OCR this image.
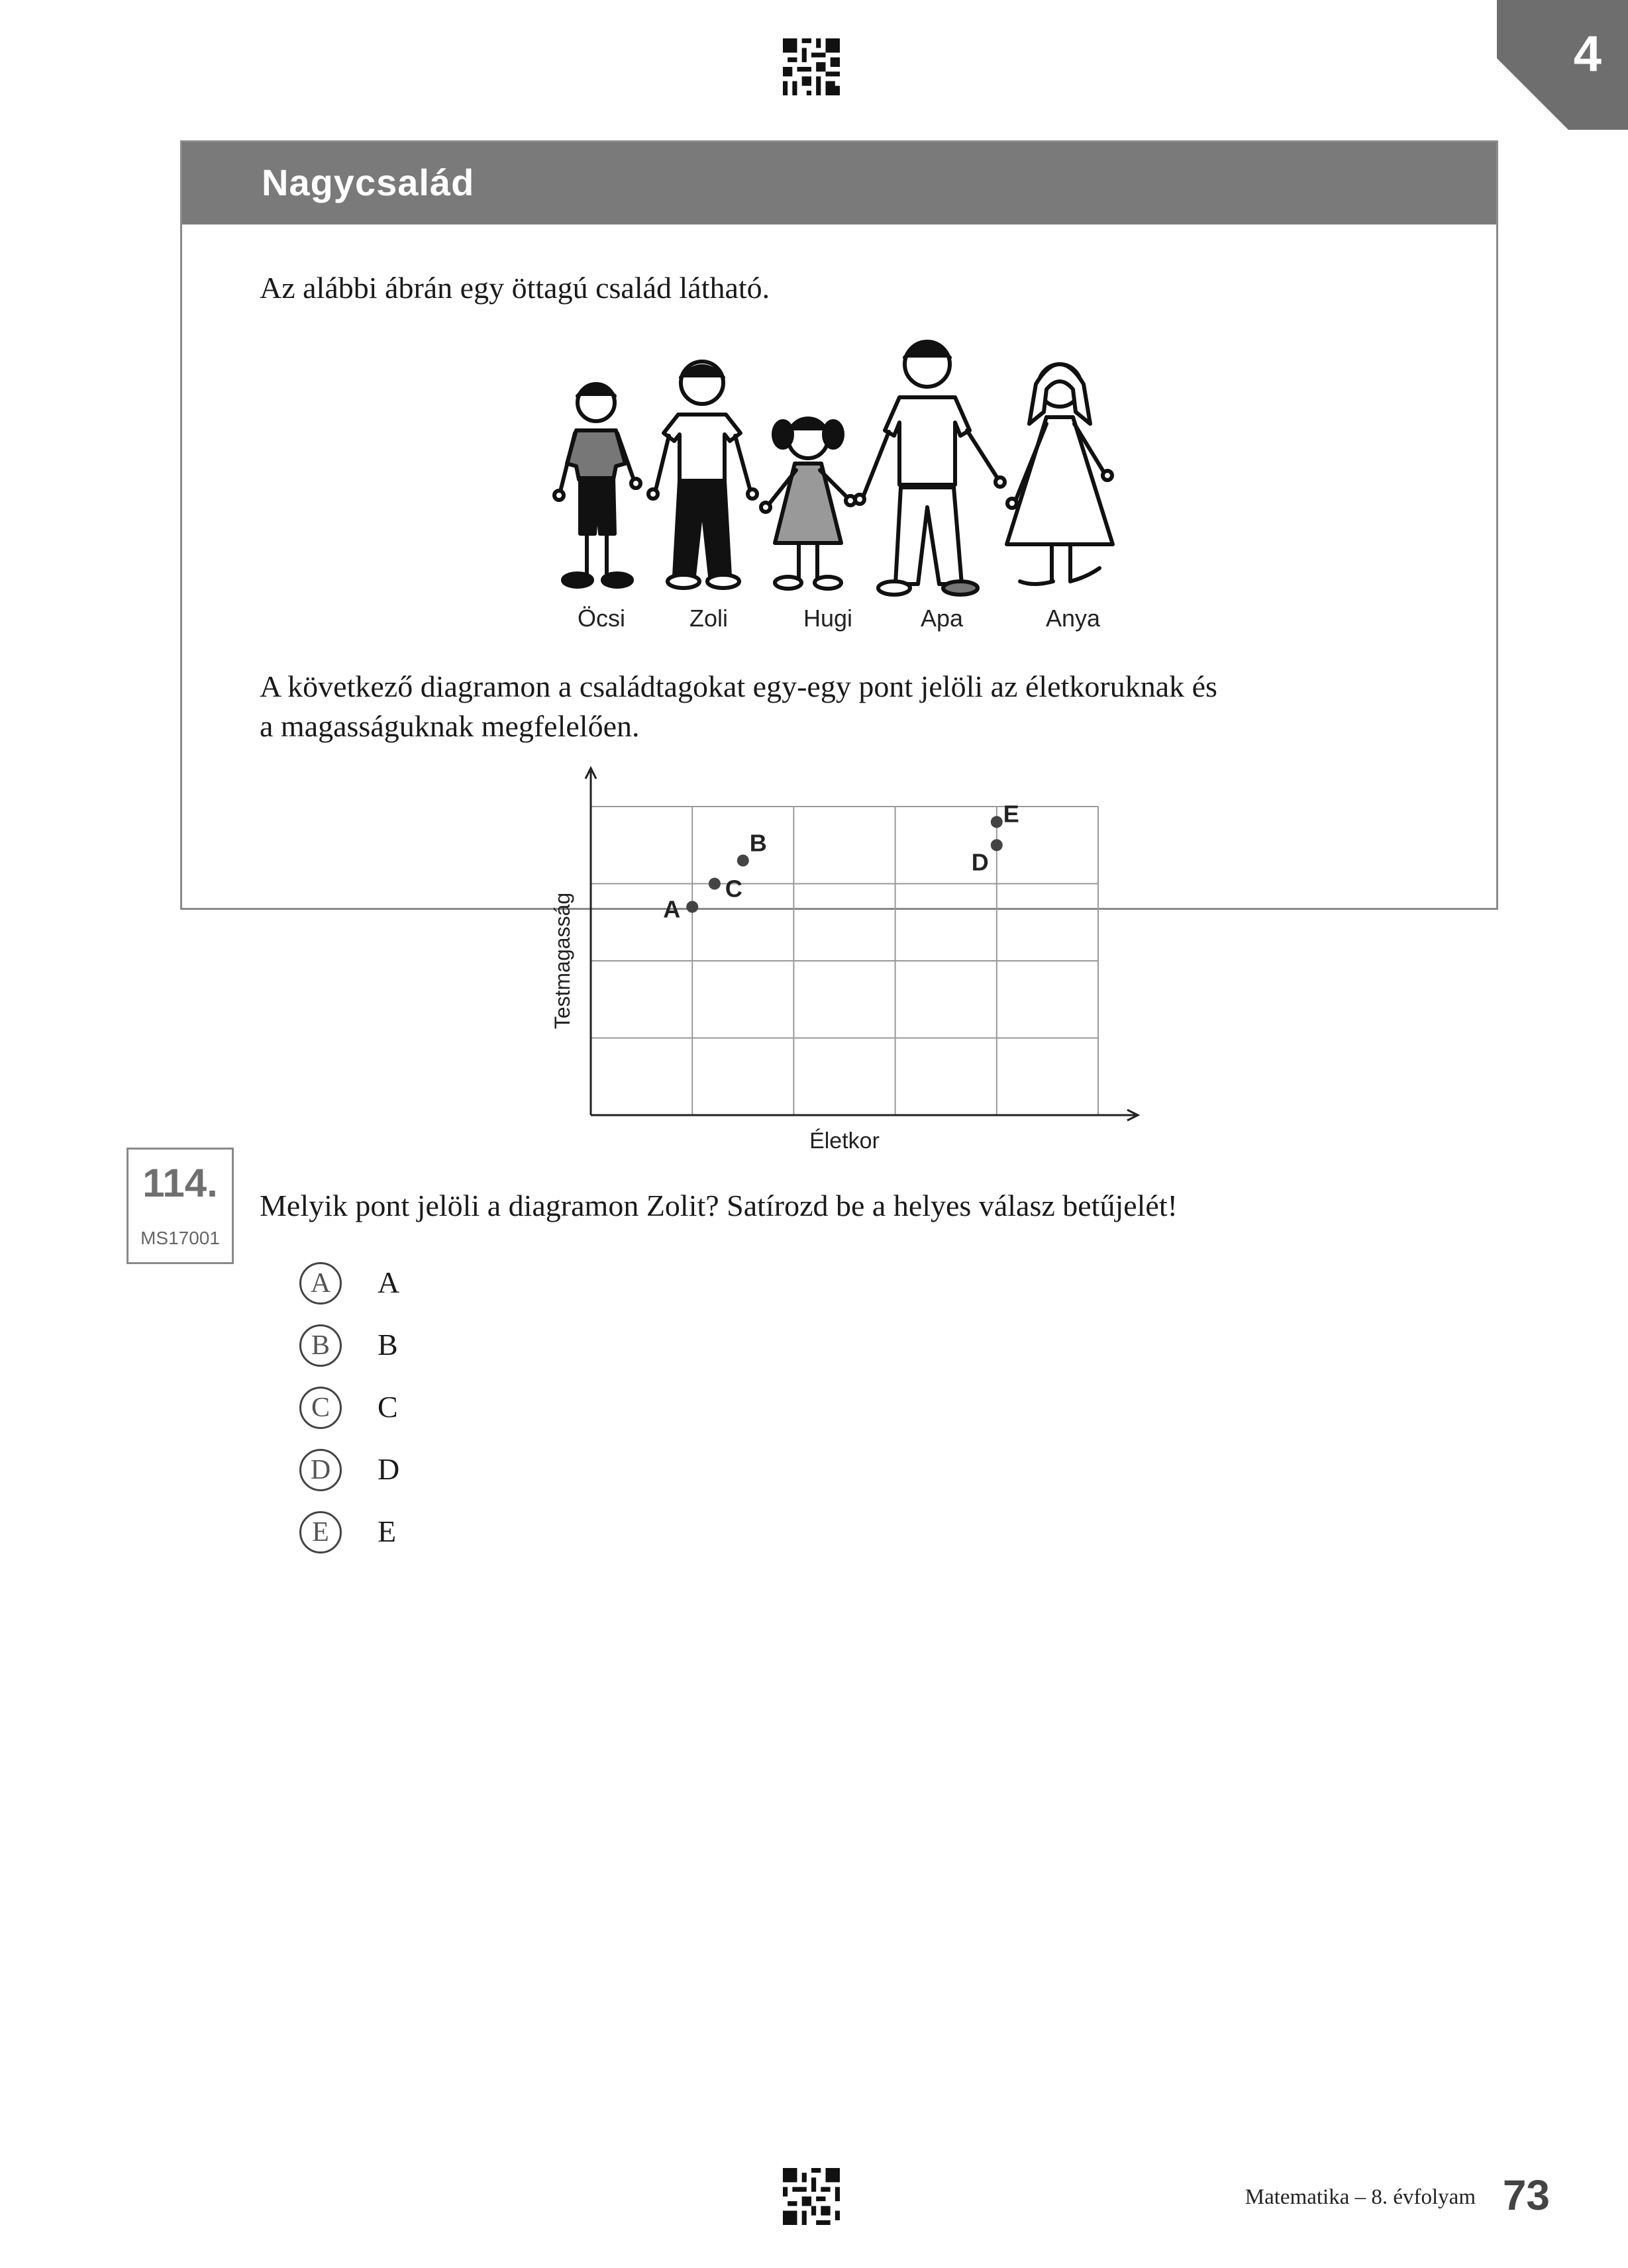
4
Nagycsalád
Az alábbi ábrán egy öttagú család látható.
Öcsi	Zoli	Hugi	Apa	Anya
A következő diagramon a családtagokat egy-egy pont jelöli az életkoruknak és
a magasságuknak megfelelően.
Életkor
Testmagasság	A
C
B
D
E
114.
MS17001
Melyik pont jelöli a diagramon Zolit? Satírozd be a helyes válasz betűjelét!
A	A
B	B
C	C
D	D
E	E
Matematika – 8. évfolyam 73
